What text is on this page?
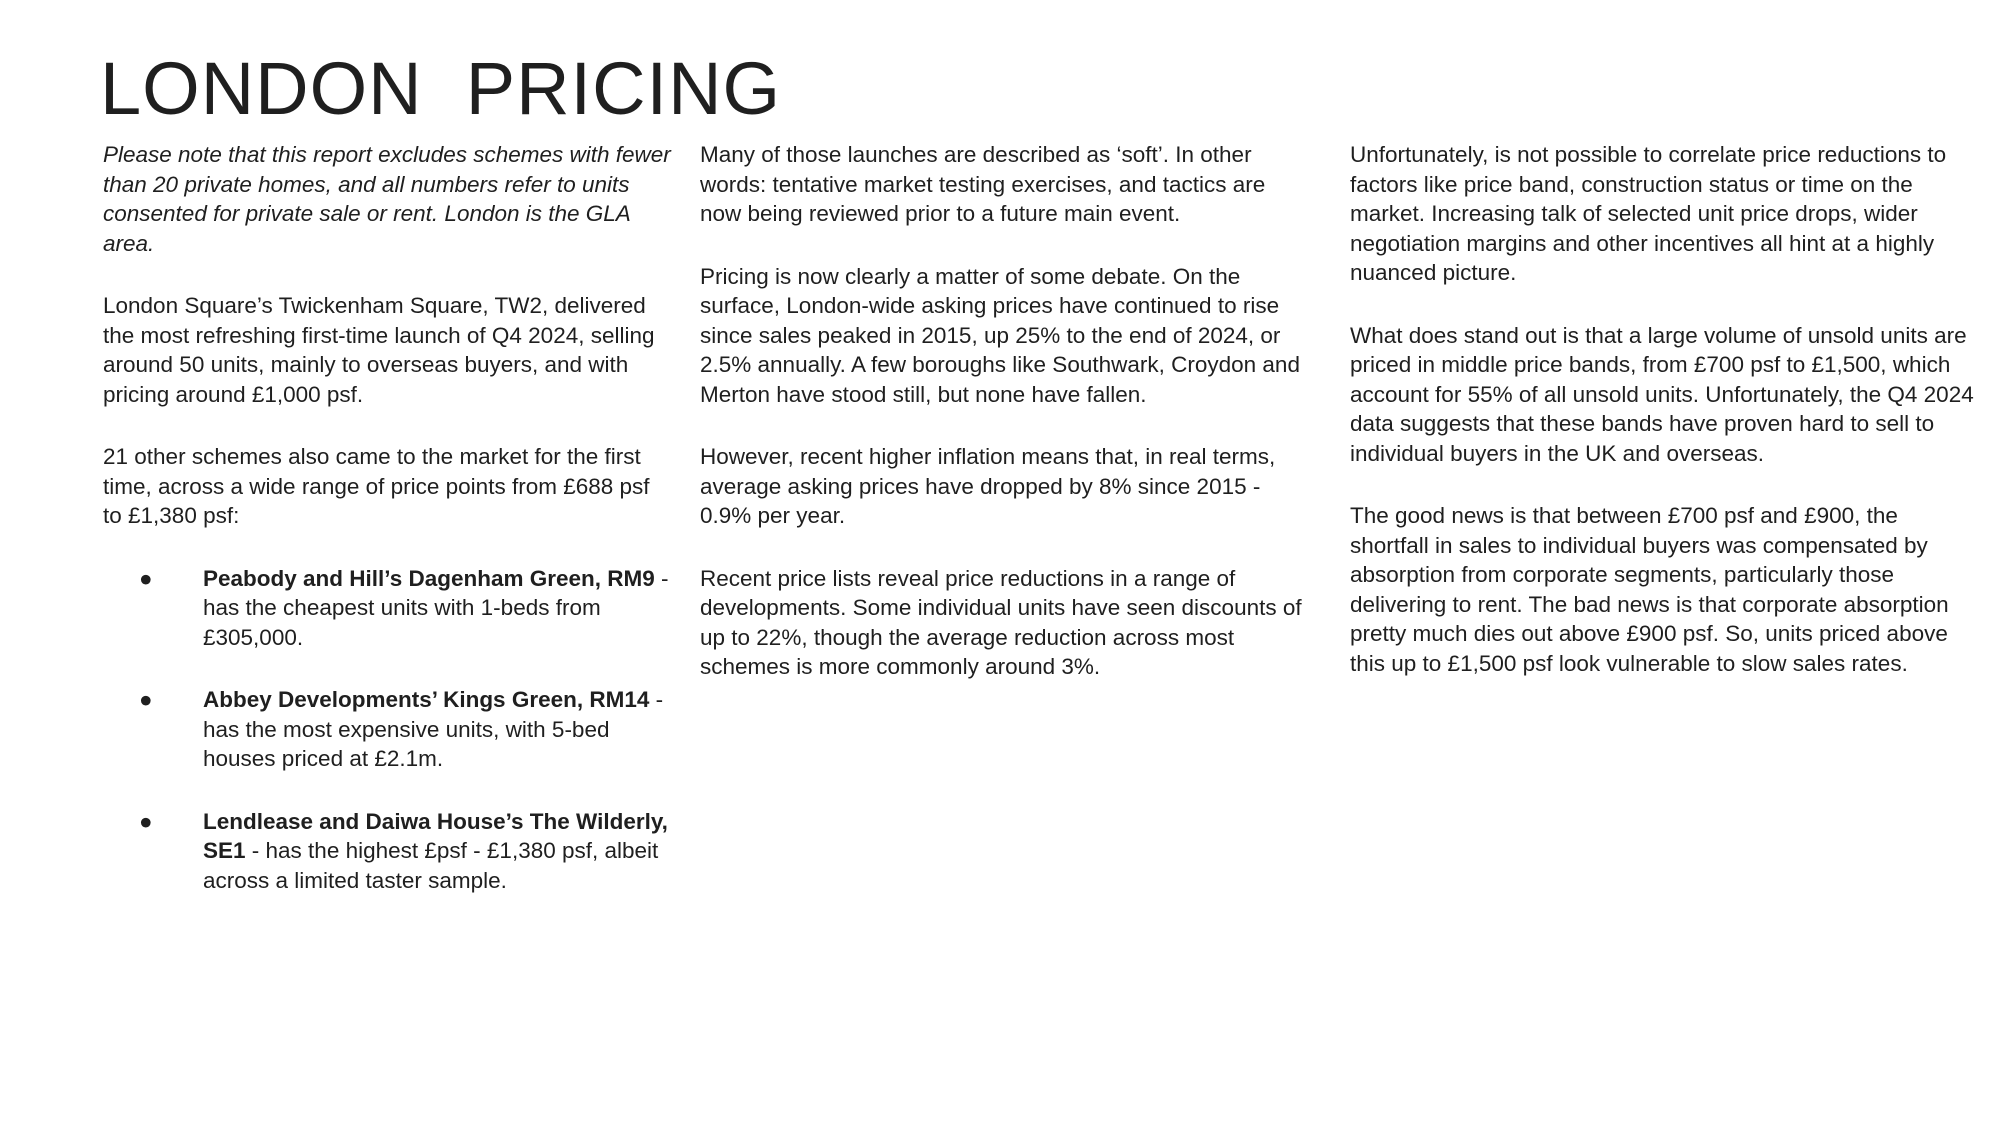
LONDON  PRICING

Please note that this report excludes schemes with fewer than 20 private homes, and all numbers refer to units consented for private sale or rent. London is the GLA area.

London Square’s Twickenham Square, TW2, delivered the most refreshing first-time launch of Q4 2024, selling around 50 units, mainly to overseas buyers, and with pricing around £1,000 psf.

21 other schemes also came to the market for the first time, across a wide range of price points from £688 psf to £1,380 psf:

● Peabody and Hill’s Dagenham Green, RM9 - has the cheapest units with 1-beds from £305,000.
● Abbey Developments’ Kings Green, RM14 - has the most expensive units, with 5-bed houses priced at £2.1m.
● Lendlease and Daiwa House’s The Wilderly, SE1 - has the highest £psf - £1,380 psf, albeit across a limited taster sample.

Many of those launches are described as ‘soft’. In other words: tentative market testing exercises, and tactics are now being reviewed prior to a future main event.

Pricing is now clearly a matter of some debate. On the surface, London-wide asking prices have continued to rise since sales peaked in 2015, up 25% to the end of 2024, or 2.5% annually. A few boroughs like Southwark, Croydon and Merton have stood still, but none have fallen.

However, recent higher inflation means that, in real terms, average asking prices have dropped by 8% since 2015 - 0.9% per year.

Recent price lists reveal price reductions in a range of developments. Some individual units have seen discounts of up to 22%, though the average reduction across most schemes is more commonly around 3%.

Unfortunately, is not possible to correlate price reductions to factors like price band, construction status or time on the market. Increasing talk of selected unit price drops, wider negotiation margins and other incentives all hint at a highly nuanced picture.

What does stand out is that a large volume of unsold units are priced in middle price bands, from £700 psf to £1,500, which account for 55% of all unsold units. Unfortunately, the Q4 2024 data suggests that these bands have proven hard to sell to individual buyers in the UK and overseas.

The good news is that between £700 psf and £900, the shortfall in sales to individual buyers was compensated by absorption from corporate segments, particularly those delivering to rent. The bad news is that corporate absorption pretty much dies out above £900 psf. So, units priced above this up to £1,500 psf look vulnerable to slow sales rates.
